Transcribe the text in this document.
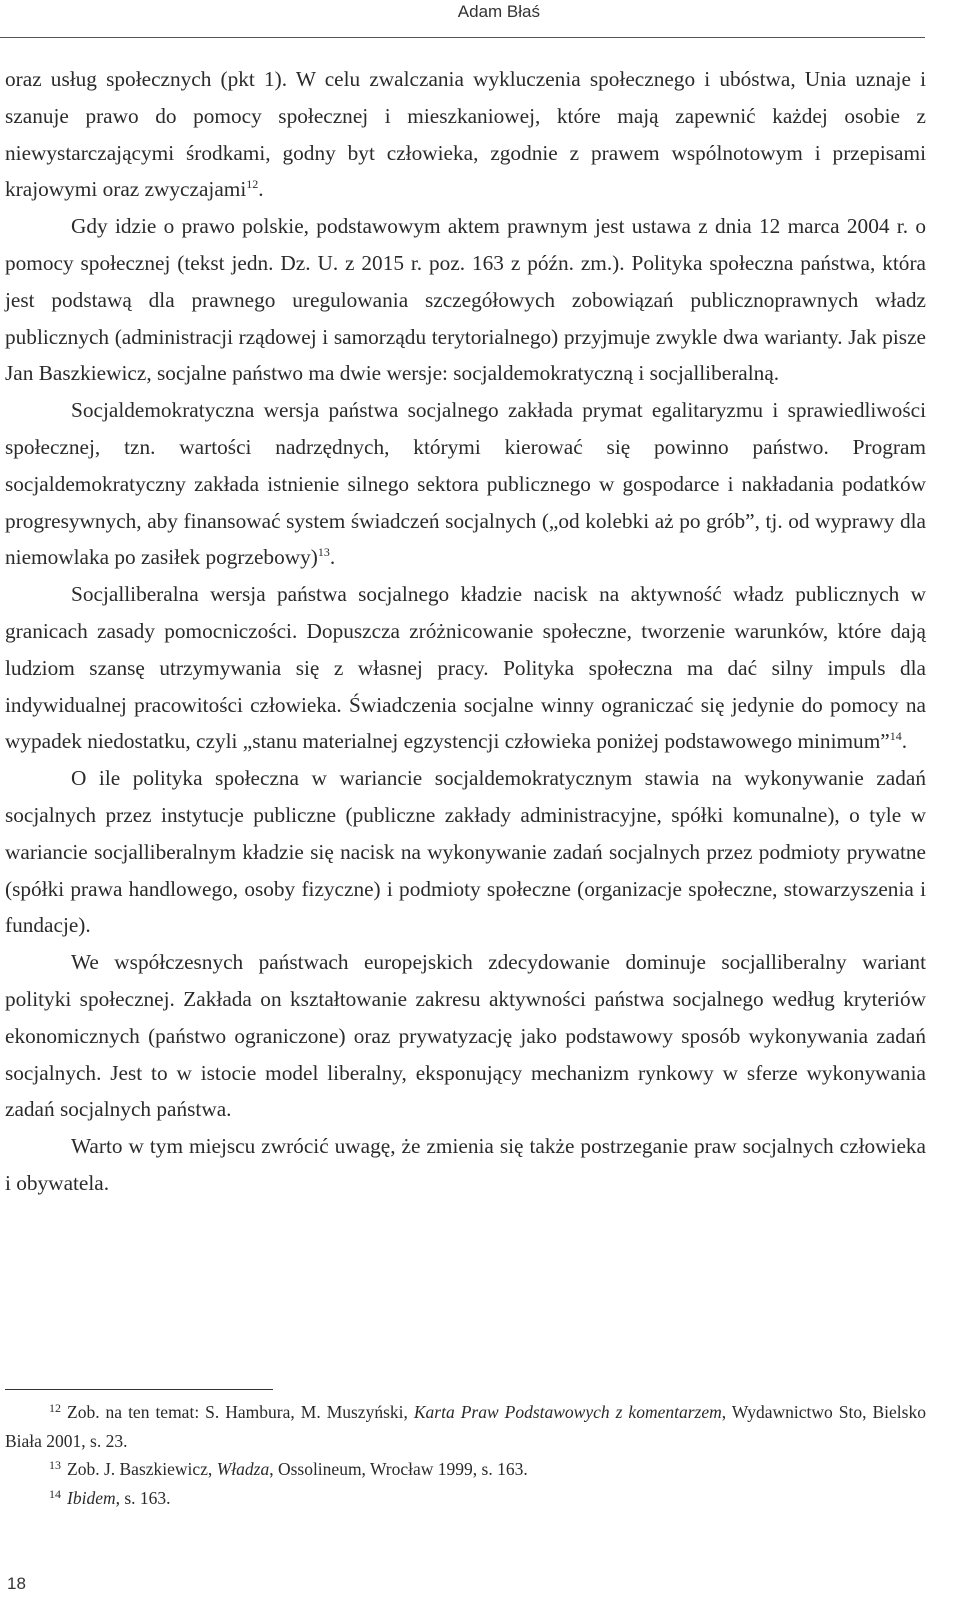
Adam Błaś

oraz usług społecznych (pkt 1). W celu zwalczania wykluczenia społecznego i ubóstwa, Unia uznaje i szanuje prawo do pomocy społecznej i mieszkaniowej, które mają zapewnić każdej osobie z niewystarczającymi środkami, godny byt człowieka, zgodnie z prawem wspólnotowym i przepisami krajowymi oraz zwyczajami$^{12}$.

Gdy idzie o prawo polskie, podstawowym aktem prawnym jest ustawa z dnia 12 marca 2004 r. o pomocy społecznej (tekst jedn. Dz. U. z 2015 r. poz. 163 z późn. zm.). Polityka społeczna państwa, która jest podstawą dla prawnego uregulowania szczegółowych zobowiązań publicznoprawnych władz publicznych (administracji rządowej i samorządu terytorialnego) przyjmuje zwykle dwa warianty. Jak pisze Jan Baszkiewicz, socjalne państwo ma dwie wersje: socjaldemokratyczną i socjalliberalną.

Socjaldemokratyczna wersja państwa socjalnego zakłada prymat egalitaryzmu i sprawiedliwości społecznej, tzn. wartości nadrzędnych, którymi kierować się powinno państwo. Program socjaldemokratyczny zakłada istnienie silnego sektora publicznego w gospodarce i nakładania podatków progresywnych, aby finansować system świadczeń socjalnych („od kolebki aż po grób”, tj. od wyprawy dla niemowlaka po zasiłek pogrzebowy)$^{13}$.

Socjalliberalna wersja państwa socjalnego kładzie nacisk na aktywność władz publicznych w granicach zasady pomocniczości. Dopuszcza zróżnicowanie społeczne, tworzenie warunków, które dają ludziom szansę utrzymywania się z własnej pracy. Polityka społeczna ma dać silny impuls dla indywidualnej pracowitości człowieka. Świadczenia socjalne winny ograniczać się jedynie do pomocy na wypadek niedostatku, czyli „stanu materialnej egzystencji człowieka poniżej podstawowego minimum”$^{14}$.

O ile polityka społeczna w wariancie socjaldemokratycznym stawia na wykonywanie zadań socjalnych przez instytucje publiczne (publiczne zakłady administracyjne, spółki komunalne), o tyle w wariancie socjalliberalnym kładzie się nacisk na wykonywanie zadań socjalnych przez podmioty prywatne (spółki prawa handlowego, osoby fizyczne) i podmioty społeczne (organizacje społeczne, stowarzyszenia i fundacje).

We współczesnych państwach europejskich zdecydowanie dominuje socjalliberalny wariant polityki społecznej. Zakłada on kształtowanie zakresu aktywności państwa socjalnego według kryteriów ekonomicznych (państwo ograniczone) oraz prywatyzację jako podstawowy sposób wykonywania zadań socjalnych. Jest to w istocie model liberalny, eksponujący mechanizm rynkowy w sferze wykonywania zadań socjalnych państwa.

Warto w tym miejscu zwrócić uwagę, że zmienia się także postrzeganie praw socjalnych człowieka i obywatela.

$^{12}$ Zob. na ten temat: S. Hambura, M. Muszyński, Karta Praw Podstawowych z komentarzem, Wydawnictwo Sto, Bielsko Biała 2001, s. 23.

$^{13}$ Zob. J. Baszkiewicz, Władza, Ossolineum, Wrocław 1999, s. 163.

$^{14}$ Ibidem, s. 163.

18
